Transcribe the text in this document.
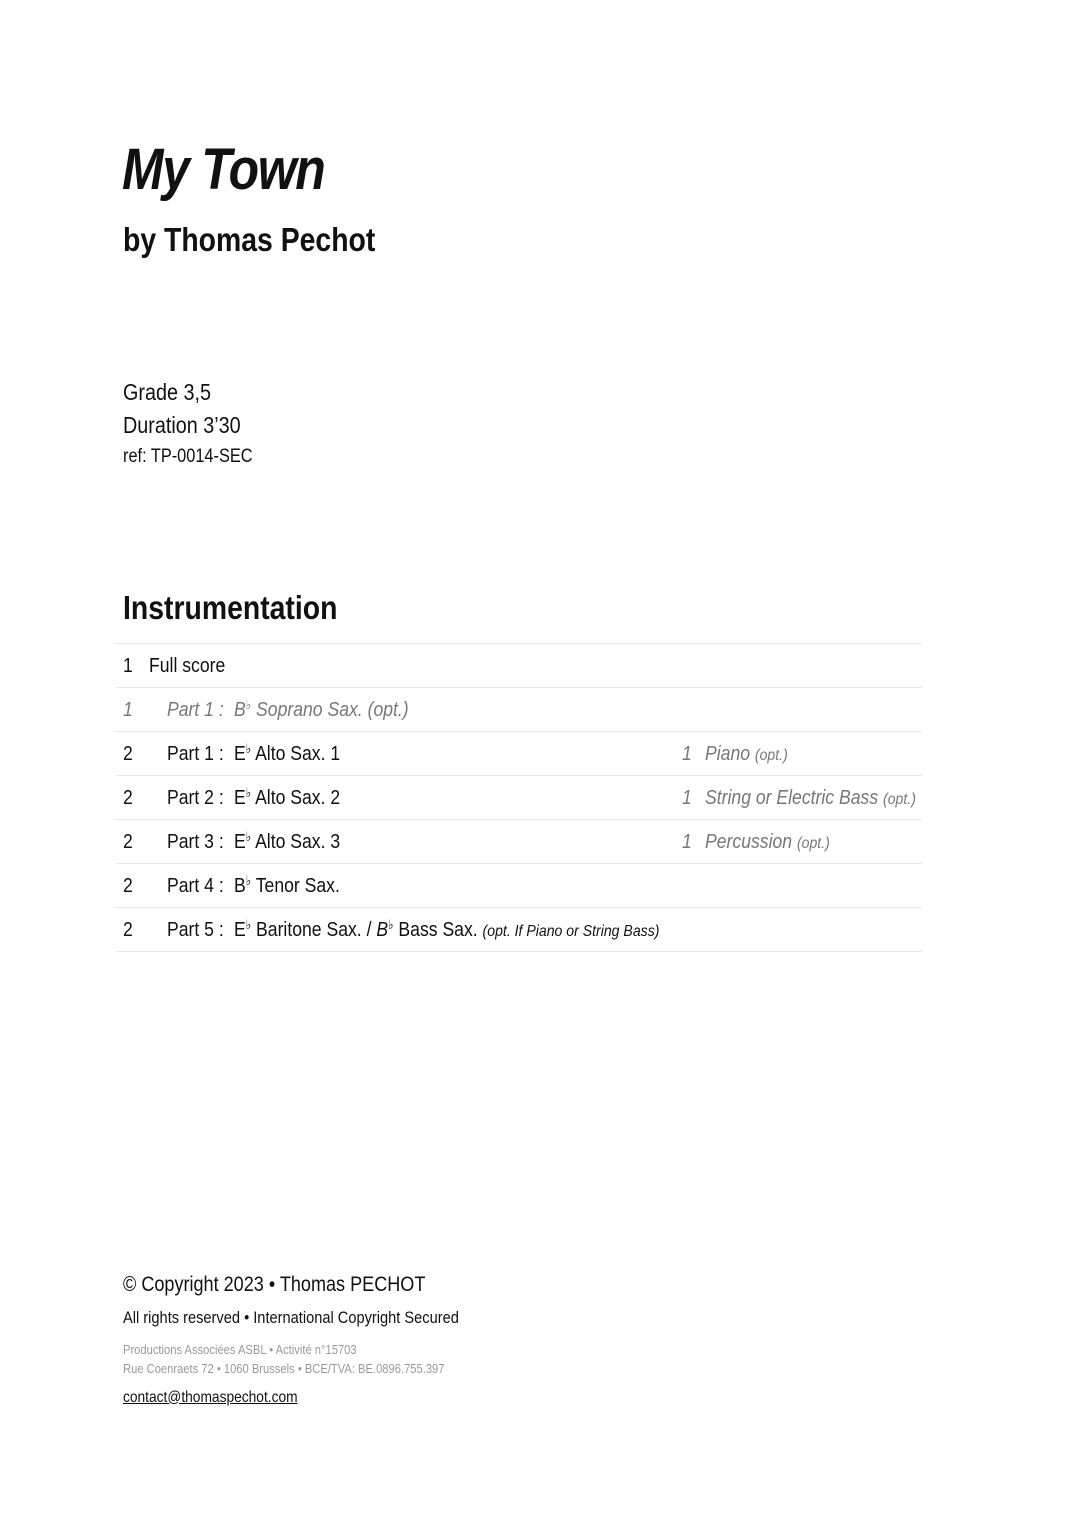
My Town
by Thomas Pechot
Grade 3,5
Duration 3’30
ref: TP-0014-SEC
Instrumentation
1 Full score
1 Part 1 : B♭ Soprano Sax. (opt.)
2 Part 1 : E♭ Alto Sax. 1	1 Piano (opt.)
2 Part 2 : E♭ Alto Sax. 2	1 String or Electric Bass (opt.)
2 Part 3 : E♭ Alto Sax. 3	1 Percussion (opt.)
2 Part 4 : B♭ Tenor Sax.
2 Part 5 : E♭ Baritone Sax. / B♭ Bass Sax. (opt. If Piano or String Bass)
© Copyright 2023 • Thomas PECHOT
All rights reserved • International Copyright Secured
Productions Associées ASBL • Activité n°15703
Rue Coenraets 72 • 1060 Brussels • BCE/TVA: BE.0896.755.397
contact@thomaspechot.com
